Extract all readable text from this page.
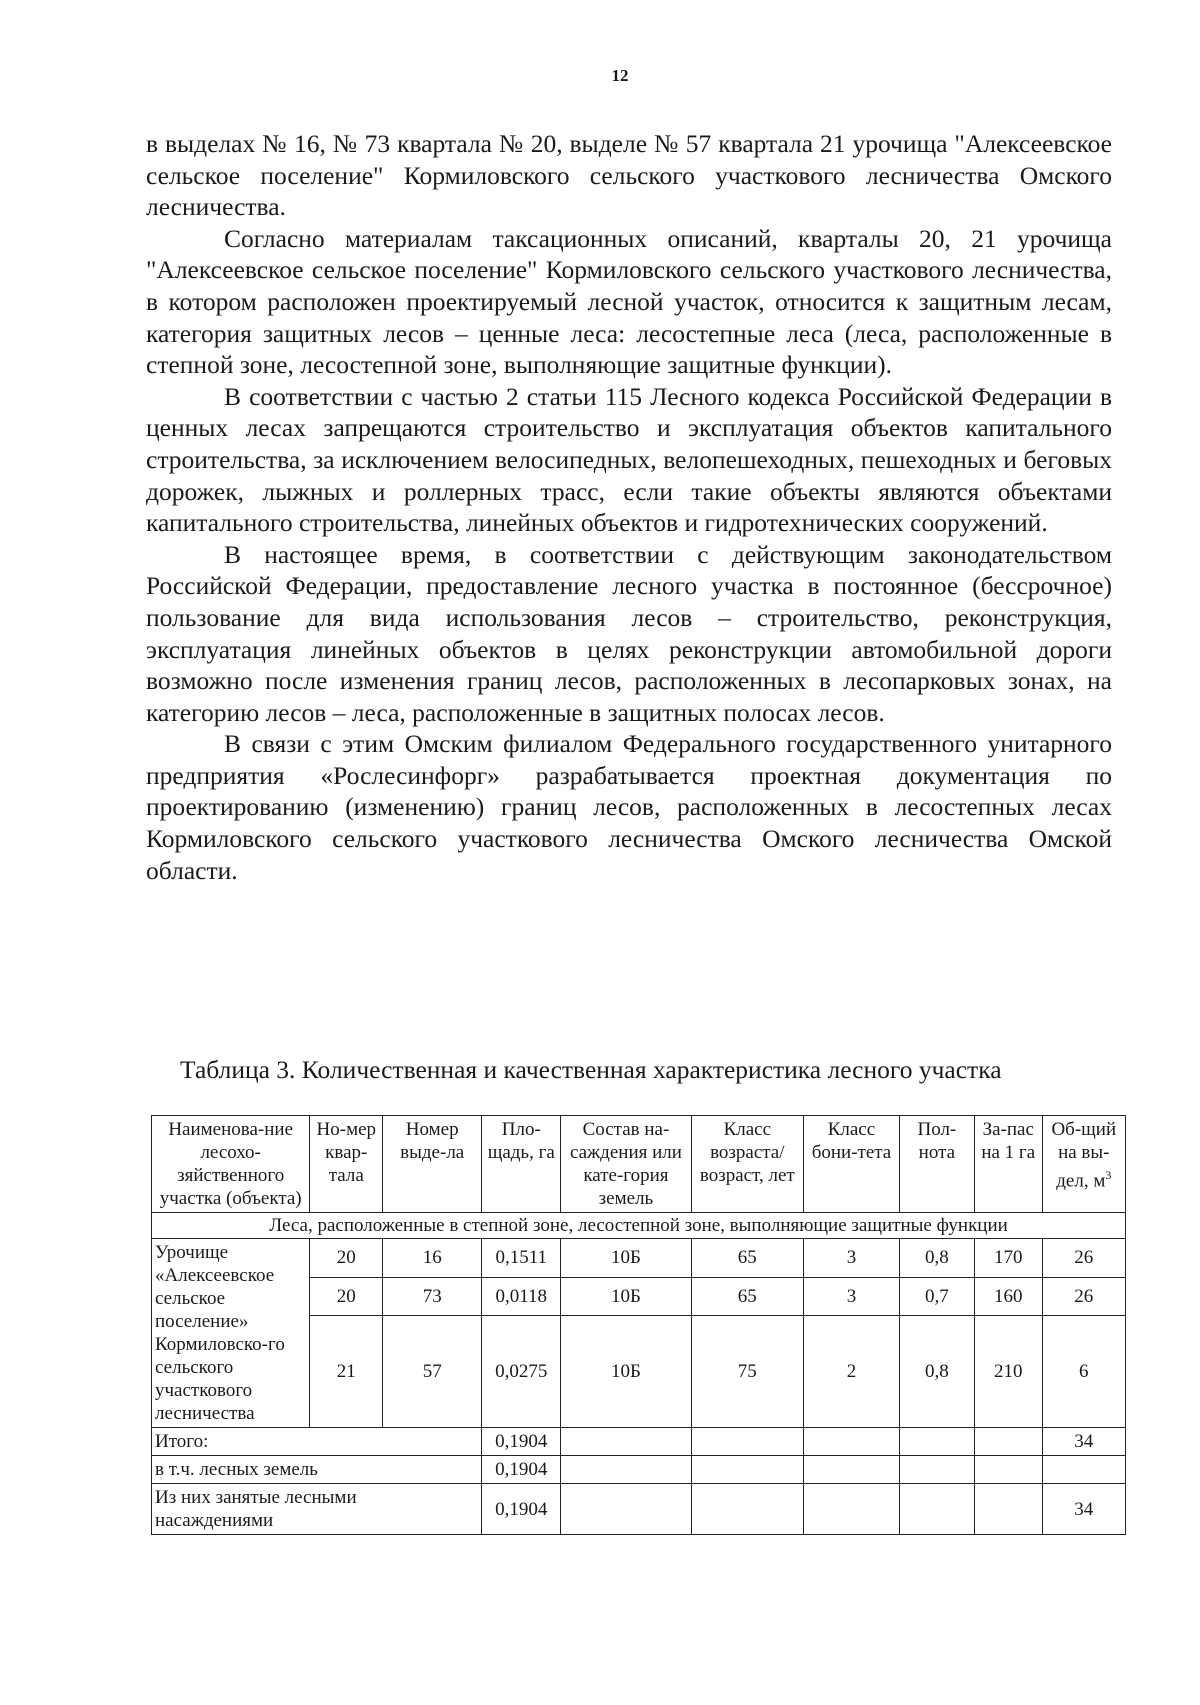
12

в выделах № 16, № 73 квартала № 20, выделе № 57 квартала 21 урочища "Алексеевское сельское поселение" Кормиловского сельского участкового лесничества Омского лесничества.

Согласно материалам таксационных описаний, кварталы 20, 21 урочища "Алексеевское сельское поселение" Кормиловского сельского участкового лесничества, в котором расположен проектируемый лесной участок, относится к защитным лесам, категория защитных лесов – ценные леса: лесостепные леса (леса, расположенные в степной зоне, лесостепной зоне, выполняющие защитные функции).

В соответствии с частью 2 статьи 115 Лесного кодекса Российской Федерации в ценных лесах запрещаются строительство и эксплуатация объектов капитального строительства, за исключением велосипедных, велопешеходных, пешеходных и беговых дорожек, лыжных и роллерных трасс, если такие объекты являются объектами капитального строительства, линейных объектов и гидротехнических сооружений.

В настоящее время, в соответствии с действующим законодательством Российской Федерации, предоставление лесного участка в постоянное (бессрочное) пользование для вида использования лесов – строительство, реконструкция, эксплуатация линейных объектов в целях реконструкции автомобильной дороги возможно после изменения границ лесов, расположенных в лесопарковых зонах, на категорию лесов – леса, расположенные в защитных полосах лесов.

В связи с этим Омским филиалом Федерального государственного унитарного предприятия «Рослесинфорг» разрабатывается проектная документация по проектированию (изменению) границ лесов, расположенных в лесостепных лесах Кормиловского сельского участкового лесничества Омского лесничества Омской области.

Таблица 3. Количественная и качественная характеристика лесного участка
Наименова-ние лесохо-зяйственного участка (объекта)	Но-мер квар-тала	Номер выде-ла	Пло-щадь, га	Состав на-саждения или кате-гория земель	Класс возраста/ возраст, лет	Класс бони-тета	Пол-нота	За-пас на 1 га	Об-щий на вы-дел, $м^3$
Леса, расположенные в степной зоне, лесостепной зоне, выполняющие защитные функции									
Урочище «Алексеевское сельское поселение» Кормиловско-го сельского участкового лесничества	20	16	0,1511	10Б	65	3	0,8	170	26
	20	73	0,0118	10Б	65	3	0,7	160	26
	21	57	0,0275	10Б	75	2	0,8	210	6
Итого:			0,1904						34
в т.ч. лесных земель			0,1904						
Из них занятые лесными насаждениями			0,1904						34
